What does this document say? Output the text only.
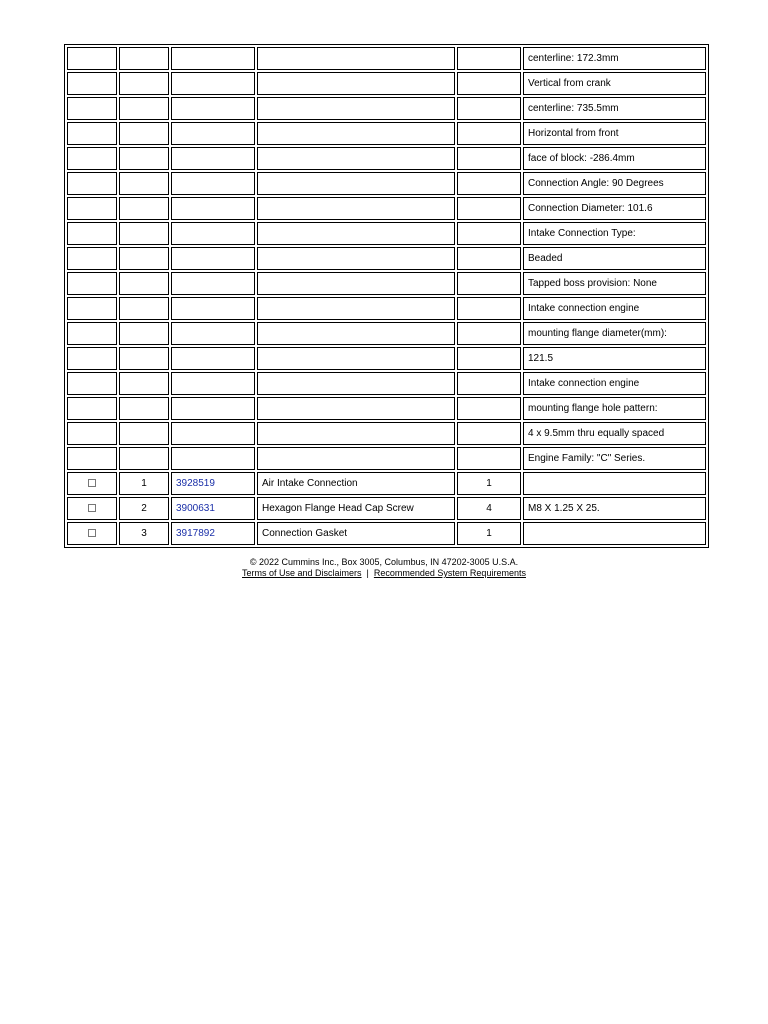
					centerline: 172.3mm
					Vertical from crank
					centerline: 735.5mm
					Horizontal from front
					face of block: -286.4mm
					Connection Angle: 90 Degrees
					Connection Diameter: 101.6
					Intake Connection Type:
					Beaded
					Tapped boss provision: None
					Intake connection engine
					mounting flange diameter(mm):
					121.5
					Intake connection engine
					mounting flange hole pattern:
					4 x 9.5mm thru equally spaced
					Engine Family: "C" Series.
	1	3928519	Air Intake Connection	1	
	2	3900631	Hexagon Flange Head Cap Screw	4	M8 X 1.25 X 25.
	3	3917892	Connection Gasket	1	
© 2022 Cummins Inc., Box 3005, Columbus, IN 47202-3005 U.S.A.
Terms of Use and Disclaimers | Recommended System Requirements
